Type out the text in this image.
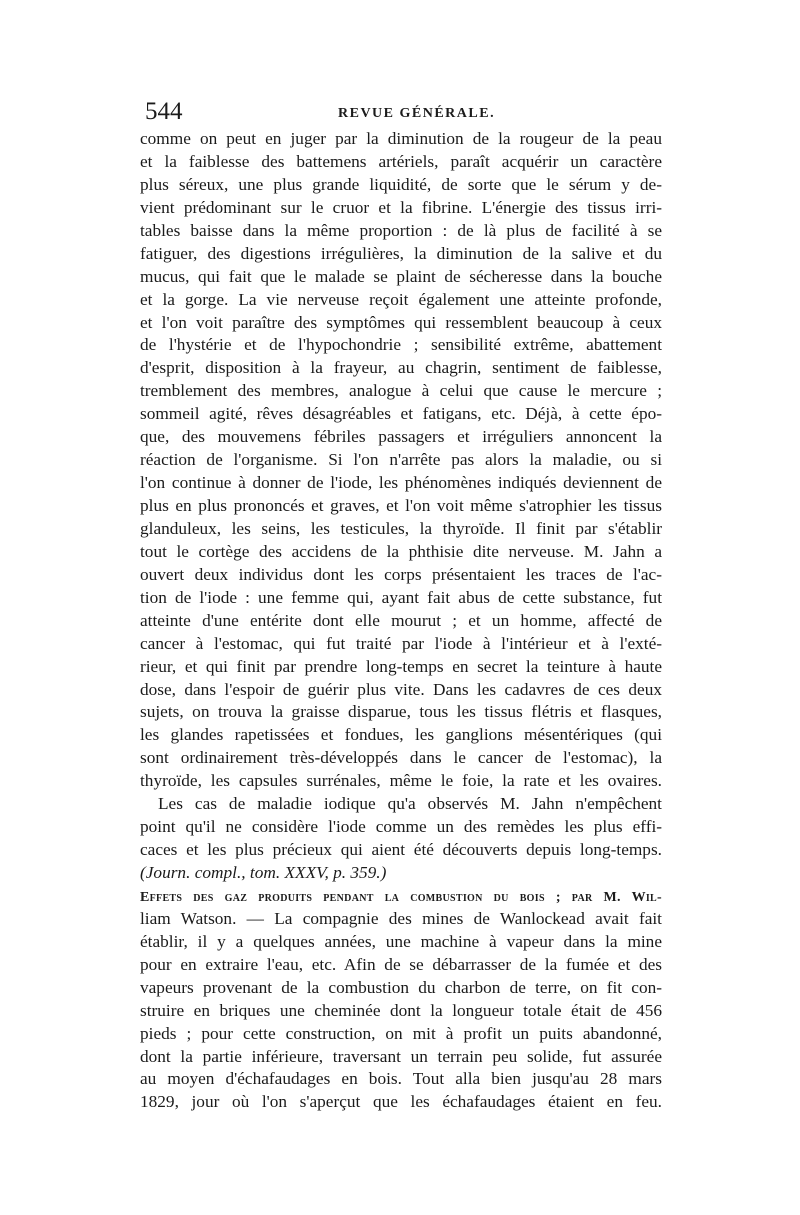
544	REVUE GÉNÉRALE.
comme on peut en juger par la diminution de la rougeur de la peau
et la faiblesse des battemens artériels, paraît acquérir un caractère
plus séreux, une plus grande liquidité, de sorte que le sérum y de-
vient prédominant sur le cruor et la fibrine. L'énergie des tissus irri-
tables baisse dans la même proportion : de là plus de facilité à se
fatiguer, des digestions irrégulières, la diminution de la salive et du
mucus, qui fait que le malade se plaint de sécheresse dans la bouche
et la gorge. La vie nerveuse reçoit également une atteinte profonde,
et l'on voit paraître des symptômes qui ressemblent beaucoup à ceux
de l'hystérie et de l'hypochondrie ; sensibilité extrême, abattement
d'esprit, disposition à la frayeur, au chagrin, sentiment de faiblesse,
tremblement des membres, analogue à celui que cause le mercure ;
sommeil agité, rêves désagréables et fatigans, etc. Déjà, à cette épo-
que, des mouvemens fébriles passagers et irréguliers annoncent la
réaction de l'organisme. Si l'on n'arrête pas alors la maladie, ou si
l'on continue à donner de l'iode, les phénomènes indiqués deviennent de
plus en plus prononcés et graves, et l'on voit même s'atrophier les tissus
glanduleux, les seins, les testicules, la thyroïde. Il finit par s'établir
tout le cortège des accidens de la phthisie dite nerveuse. M. Jahn a
ouvert deux individus dont les corps présentaient les traces de l'ac-
tion de l'iode : une femme qui, ayant fait abus de cette substance, fut
atteinte d'une entérite dont elle mourut ; et un homme, affecté de
cancer à l'estomac, qui fut traité par l'iode à l'intérieur et à l'exté-
rieur, et qui finit par prendre long-temps en secret la teinture à haute
dose, dans l'espoir de guérir plus vite. Dans les cadavres de ces deux
sujets, on trouva la graisse disparue, tous les tissus flétris et flasques,
les glandes rapetissées et fondues, les ganglions mésentériques (qui
sont ordinairement très-développés dans le cancer de l'estomac), la
thyroïde, les capsules surrénales, même le foie, la rate et les ovaires.
Les cas de maladie iodique qu'a observés M. Jahn n'empêchent
point qu'il ne considère l'iode comme un des remèdes les plus effi-
caces et les plus précieux qui aient été découverts depuis long-temps.
(Journ. compl., tom. XXXV, p. 359.)
Effets des gaz produits pendant la combustion du bois ; par M. Wil-
liam Watson. — La compagnie des mines de Wanlockead avait fait
établir, il y a quelques années, une machine à vapeur dans la mine
pour en extraire l'eau, etc. Afin de se débarrasser de la fumée et des
vapeurs provenant de la combustion du charbon de terre, on fit con-
struire en briques une cheminée dont la longueur totale était de 456
pieds ; pour cette construction, on mit à profit un puits abandonné,
dont la partie inférieure, traversant un terrain peu solide, fut assurée
au moyen d'échafaudages en bois. Tout alla bien jusqu'au 28 mars
1829, jour où l'on s'aperçut que les échafaudages étaient en feu.
